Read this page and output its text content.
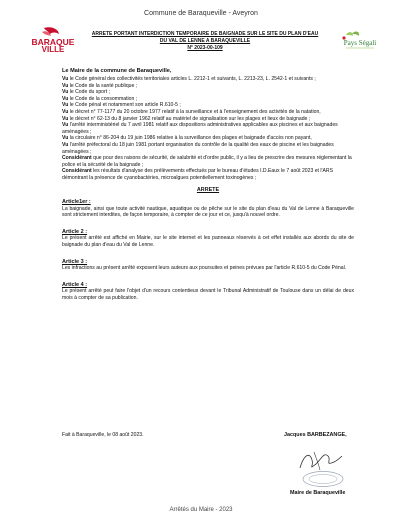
Commune de Baraqueville - Aveyron
BARAQUE
VILLE
Pays Ségali
ARRETE PORTANT INTERDICTION TEMPORAIRE DE BAIGNADE SUR LE SITE DU PLAN D'EAU
DU VAL DE LENNE A BARAQUEVILLE
N° 2023-00-109
Le Maire de la commune de Baraqueville,

Vu le Code général des collectivités territoriales articles L. 2212-1 et suivants, L. 2213-23, L. 2542-1 et suivants ;

Vu le Code de la santé publique ;

Vu le Code du sport ;

Vu le Code de la consommation ;

Vu le Code pénal et notamment son article R.610-5 ;

Vu le décret n° 77-1177 du 20 octobre 1977 relatif à la surveillance et à l'enseignement des activités de la natation,

Vu le décret n° 62-13 du 8 janvier 1962 relatif au matériel de signalisation sur les plages et lieux de baignade ;

Vu l'arrêté interministériel du 7 avril 1981 relatif aux dispositions administratives applicables aux piscines et aux baignades aménagées ;

Vu la circulaire n° 86-204 du 19 juin 1986 relative à la surveillance des plages et baignade d'accès non payant,

Vu l'arrêté préfectoral du 18 juin 1981 portant organisation du contrôle de la qualité des eaux de piscine et les baignades aménagées ;

Considérant que pour des raisons de sécurité, de salubrité et d'ordre public, il y a lieu de prescrire des mesures réglementant la police et la sécurité de la baignade ;

Considérant les résultats d'analyse des prélèvements effectués par le bureau d'études I.D.Eaux le 7 août 2023 et l'ARS démontrant la présence de cyanobactéries, microalgues potentiellement toxinogènes ;

ARRETE
Article1er :
La baignade, ainsi que toute activité nautique, aquatique ou de pêche sur le site du plan d'eau du Val de Lenne à Baraqueville sont strictement interdites, de façon temporaire, à compter de ce jour et ce, jusqu'à nouvel ordre.
Article 2 :
Le présent arrêté est affiché en Mairie, sur le site internet et les panneaux réservés à cet effet installés aux abords du site de baignade du plan d'eau du Val de Lenne.
Article 3 :
Les infractions au présent arrêté exposent leurs auteurs aux poursuites et peines prévues par l'article R.610-5 du Code Pénal.
Article 4 :
Le présent arrêté peut faire l'objet d'un recours contentieux devant le Tribunal Administratif de Toulouse dans un délai de deux mois à compter de sa publication.
Fait à Baraqueville, le 08 août 2023.	Jacques BARBEZANGE,
Maire de Baraqueville
Arrêtés du Maire - 2023
